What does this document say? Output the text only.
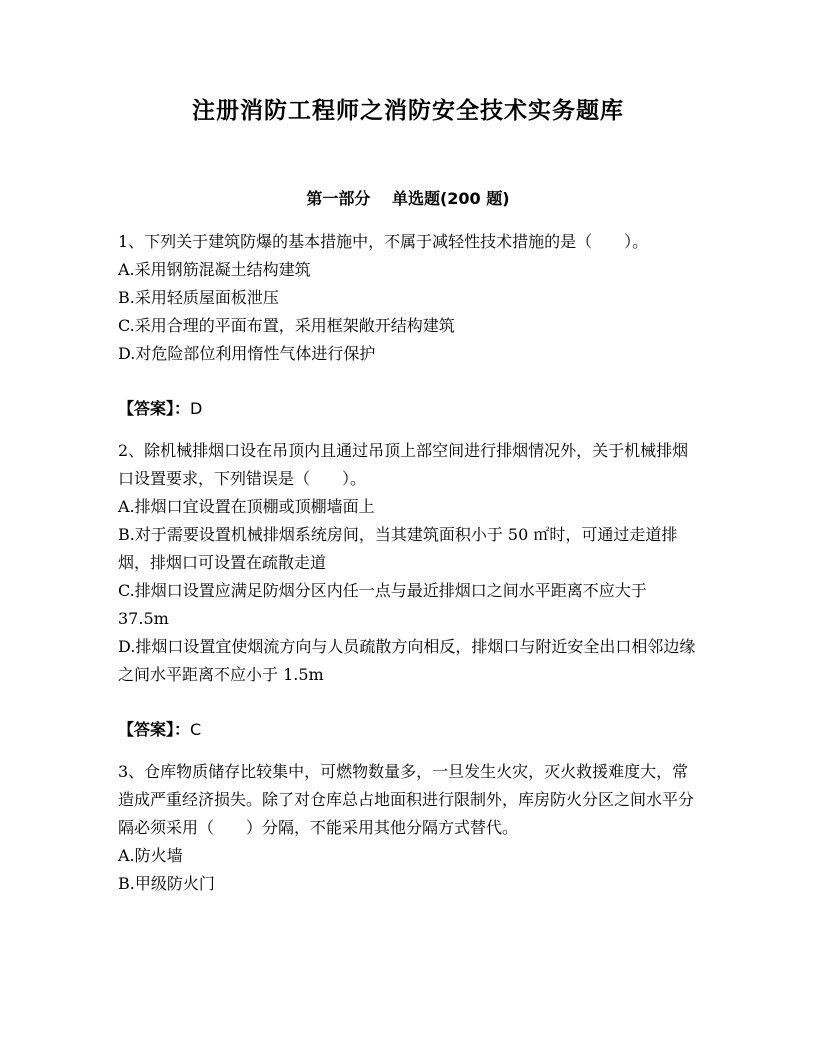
注册消防工程师之消防安全技术实务题库
第一部分　 单选题(200 题)

1、下列关于建筑防爆的基本措施中，不属于减轻性技术措施的是（　　）。

A.采用钢筋混凝土结构建筑

B.采用轻质屋面板泄压

C.采用合理的平面布置，采用框架敞开结构建筑

D.对危险部位利用惰性气体进行保护

【答案】：D

2、除机械排烟口设在吊顶内且通过吊顶上部空间进行排烟情况外，关于机械排烟口设置要求，下列错误是（　　）。

A.排烟口宜设置在顶棚或顶棚墙面上

B.对于需要设置机械排烟系统房间，当其建筑面积小于 50 ㎡时，可通过走道排烟，排烟口可设置在疏散走道

C.排烟口设置应满足防烟分区内任一点与最近排烟口之间水平距离不应大于 37.5m

D.排烟口设置宜使烟流方向与人员疏散方向相反，排烟口与附近安全出口相邻边缘之间水平距离不应小于 1.5m

【答案】：C

3、仓库物质储存比较集中，可燃物数量多，一旦发生火灾，灭火救援难度大，常造成严重经济损失。除了对仓库总占地面积进行限制外，库房防火分区之间水平分隔必须采用（　　）分隔，不能采用其他分隔方式替代。

A.防火墙

B.甲级防火门
